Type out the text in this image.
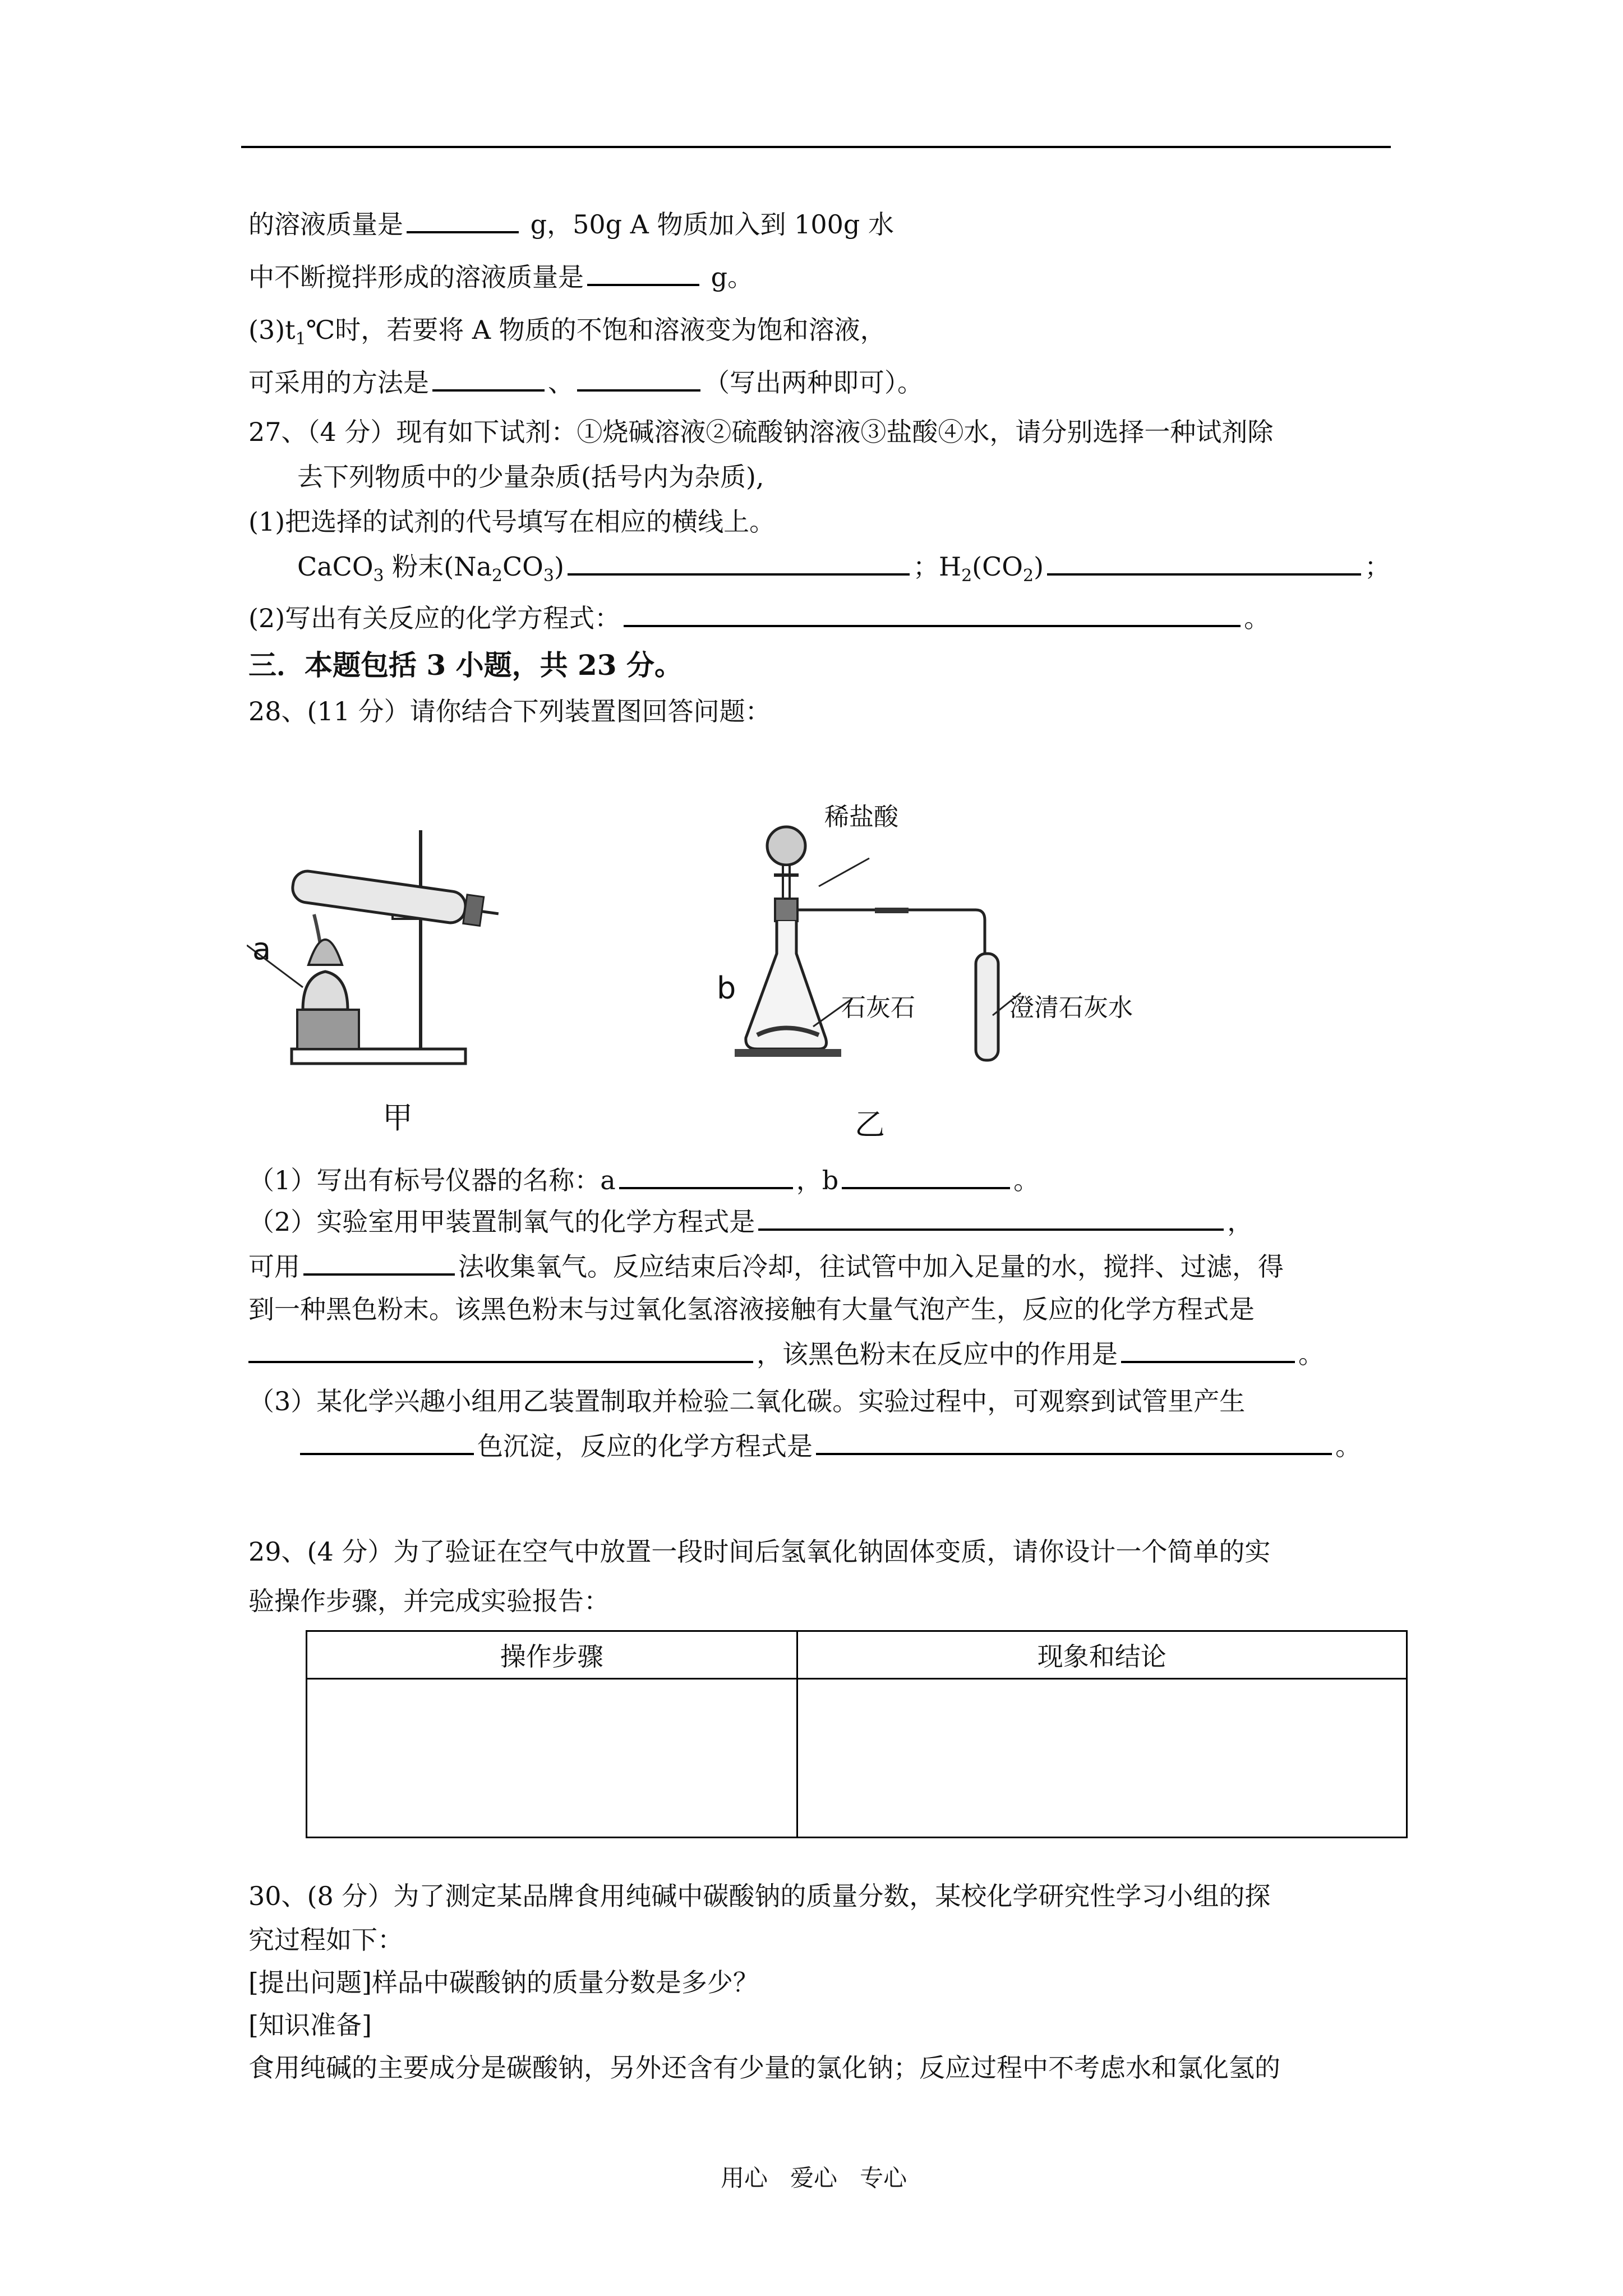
的溶液质量是	g，50g A 物质加入到 100g 水
中不断搅拌形成的溶液质量是	g。
$(3)t_1℃$时，若要将 A 物质的不饱和溶液变为饱和溶液，
可采用的方法是	、	（写出两种即可）。
27、（4 分）现有如下试剂：①烧碱溶液②硫酸钠溶液③盐酸④水，请分别选择一种试剂除
去下列物质中的少量杂质(括号内为杂质),
(1)把选择的试剂的代号填写在相应的横线上。
CaCO$_3$ 粉末$(Na_2CO_3)$	；$H_2(CO_2)$	；
(2)写出有关反应的化学方程式：	。
三．本题包括 3 小题，共 23 分。
28、(11 分）请你结合下列装置图回答问题：
a
稀盐酸
b
石灰石	澄清石灰水
甲	乙
（1）写出有标号仪器的名称：a	，b	。
（2）实验室用甲装置制氧气的化学方程式是	，
可用	法收集氧气。反应结束后冷却，往试管中加入足量的水，搅拌、过滤，得
到一种黑色粉末。该黑色粉末与过氧化氢溶液接触有大量气泡产生，反应的化学方程式是
，该黑色粉末在反应中的作用是	。
（3）某化学兴趣小组用乙装置制取并检验二氧化碳。实验过程中，可观察到试管里产生
色沉淀，反应的化学方程式是	。
29、(4 分）为了验证在空气中放置一段时间后氢氧化钠固体变质，请你设计一个简单的实
验操作步骤，并完成实验报告：
操作步骤	现象和结论

30、(8 分）为了测定某品牌食用纯碱中碳酸钠的质量分数，某校化学研究性学习小组的探
究过程如下：
[提出问题]样品中碳酸钠的质量分数是多少？
[知识准备]
食用纯碱的主要成分是碳酸钠，另外还含有少量的氯化钠；反应过程中不考虑水和氯化氢的
用心   爱心   专心
